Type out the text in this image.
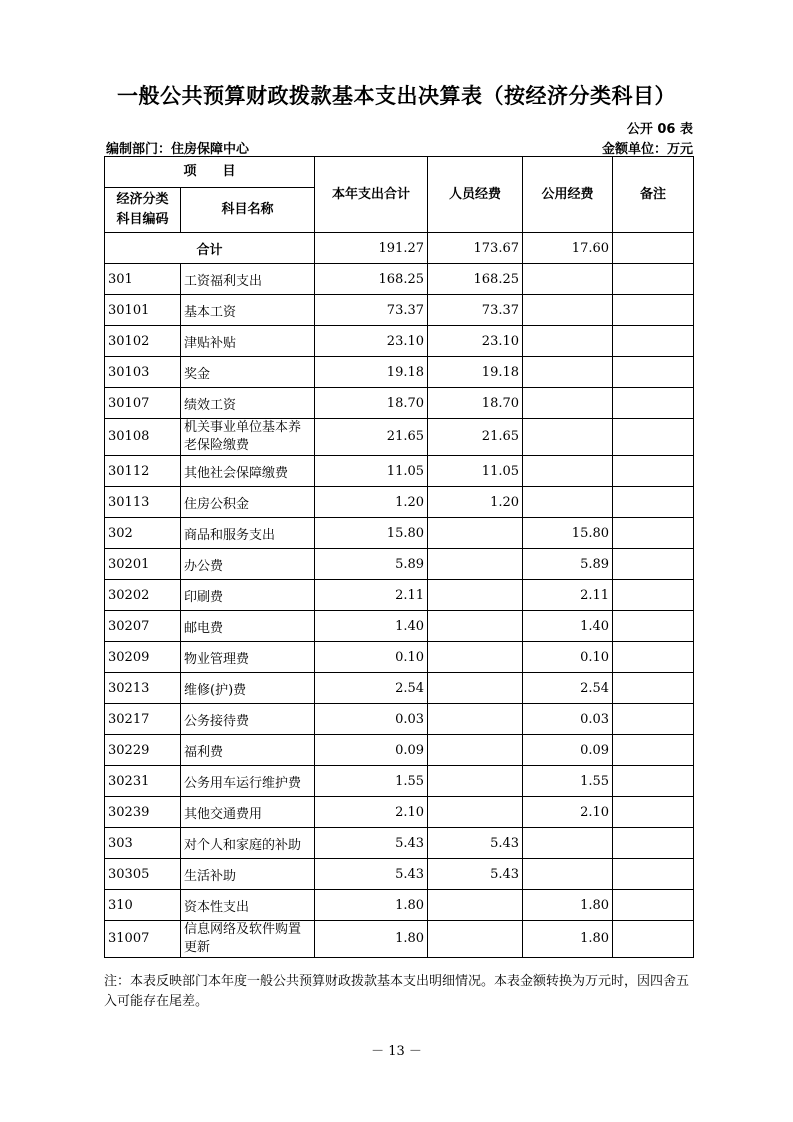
一般公共预算财政拨款基本支出决算表（按经济分类科目）
公开 06 表
编制部门：住房保障中心	金额单位：万元
项　　目		本年支出合计	人员经费	公用经费	备注

经济分类
科目编码	科目名称				
合计		191.27	173.67	17.60	
301	工资福利支出	168.25	168.25		
30101	基本工资	73.37	73.37		
30102	津贴补贴	23.10	23.10		
30103	奖金	19.18	19.18		
30107	绩效工资	18.70	18.70		
30108	机关事业单位基本养老保险缴费	21.65	21.65		
30112	其他社会保障缴费	11.05	11.05		
30113	住房公积金	1.20	1.20		
302	商品和服务支出	15.80		15.80	
30201	办公费	5.89		5.89	
30202	印刷费	2.11		2.11	
30207	邮电费	1.40		1.40	
30209	物业管理费	0.10		0.10	
30213	维修(护)费	2.54		2.54	
30217	公务接待费	0.03		0.03	
30229	福利费	0.09		0.09	
30231	公务用车运行维护费	1.55		1.55	
30239	其他交通费用	2.10		2.10	
303	对个人和家庭的补助	5.43	5.43		
30305	生活补助	5.43	5.43		
310	资本性支出	1.80		1.80	
31007	信息网络及软件购置更新	1.80		1.80	
注：本表反映部门本年度一般公共预算财政拨款基本支出明细情况。本表金额转换为万元时，因四舍五入可能存在尾差。
－ 13 －
